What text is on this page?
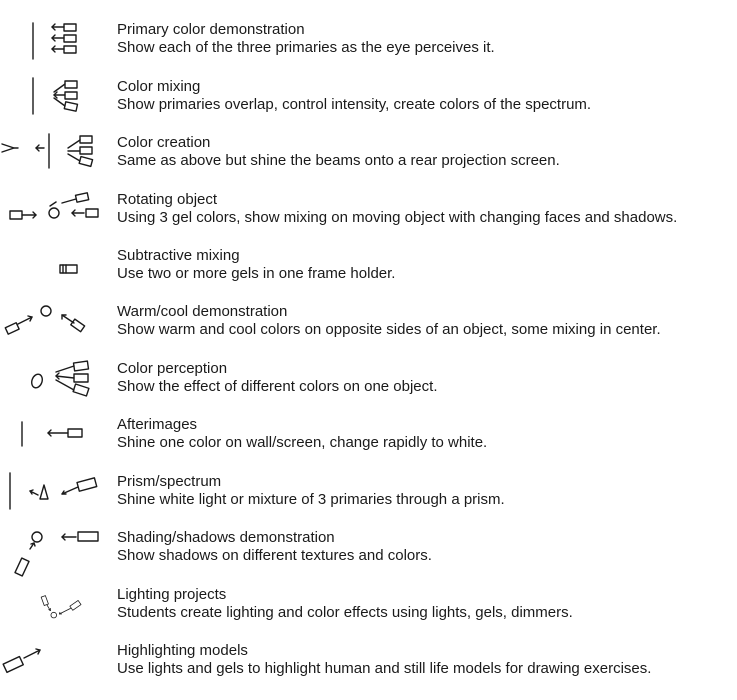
Primary color demonstration
Show each of the three primaries as the eye perceives it.
Color mixing
Show primaries overlap, control intensity, create colors of the spectrum.
Color creation
Same as above but shine the beams onto a rear projection screen.
Rotating object
Using 3 gel colors, show mixing on moving object with changing faces and shadows.
Subtractive mixing
Use two or more gels in one frame holder.
Warm/cool demonstration
Show warm and cool colors on opposite sides of an object, some mixing in center.
Color perception
Show the effect of different colors on one object.
Afterimages
Shine one color on wall/screen, change rapidly to white.
Prism/spectrum
Shine white light or mixture of 3 primaries through a prism.
Shading/shadows demonstration
Show shadows on different textures and colors.
Lighting projects
Students create lighting and color effects using lights, gels, dimmers.
Highlighting models
Use lights and gels to highlight human and still life models for drawing exercises.
